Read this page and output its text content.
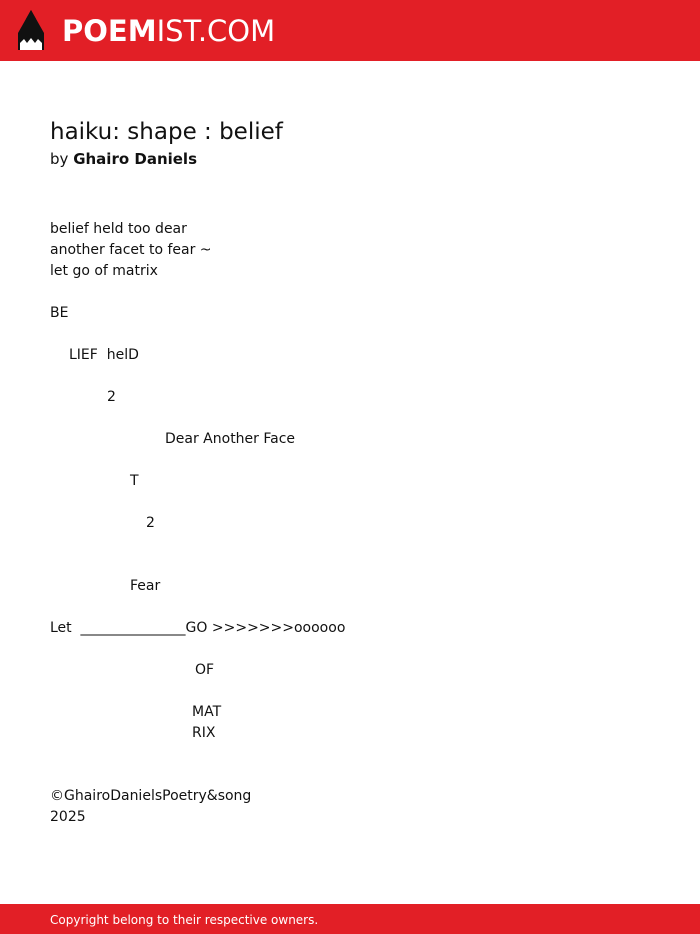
POEMIST.COM
haiku: shape : belief
by Ghairo Daniels
belief held too dear
another facet to fear ~
let go of matrix
BE
LIEF  helD
2
Dear Another Face
T
2
Fear
Let  _______________GO >>>>>>>oooooo
OF
MAT
RIX
©GhairoDanielsPoetry&song
2025
Copyright belong to their respective owners.
